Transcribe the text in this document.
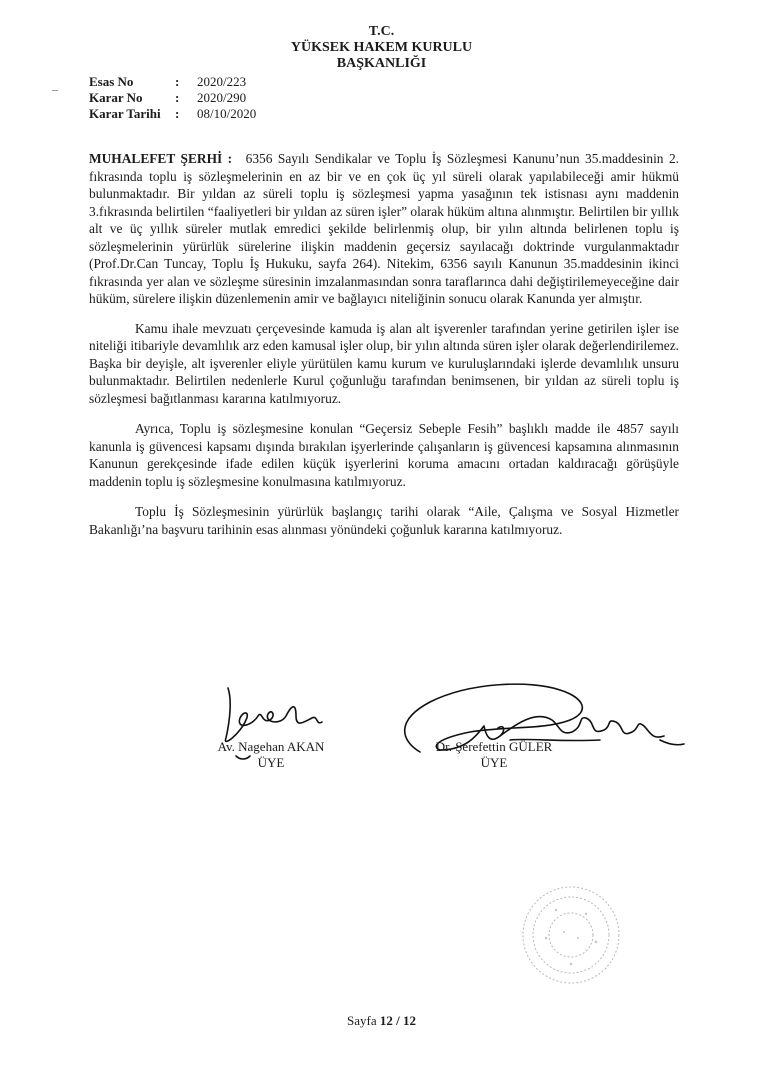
T.C.
YÜKSEK HAKEM KURULU
BAŞKANLIĞI
Esas No	:	2020/223
Karar No	:	2020/290
Karar Tarihi	:	08/10/2020

MUHALEFET ŞERHİ : 6356 Sayılı Sendikalar ve Toplu İş Sözleşmesi Kanunu’nun 35.maddesinin 2. fıkrasında toplu iş sözleşmelerinin en az bir ve en çok üç yıl süreli olarak yapılabileceği amir hükmü bulunmaktadır. Bir yıldan az süreli toplu iş sözleşmesi yapma yasağının tek istisnası aynı maddenin 3.fıkrasında belirtilen “faaliyetleri bir yıldan az süren işler” olarak hüküm altına alınmıştır. Belirtilen bir yıllık alt ve üç yıllık süreler mutlak emredici şekilde belirlenmiş olup, bir yılın altında belirlenen toplu iş sözleşmelerinin yürürlük sürelerine ilişkin maddenin geçersiz sayılacağı doktrinde vurgulanmaktadır (Prof.Dr.Can Tuncay, Toplu İş Hukuku, sayfa 264). Nitekim, 6356 sayılı Kanunun 35.maddesinin ikinci fıkrasında yer alan ve sözleşme süresinin imzalanmasından sonra taraflarınca dahi değiştirilemeyeceğine dair hüküm, sürelere ilişkin düzenlemenin amir ve bağlayıcı niteliğinin sonucu olarak Kanunda yer almıştır.

Kamu ihale mevzuatı çerçevesinde kamuda iş alan alt işverenler tarafından yerine getirilen işler ise niteliği itibariyle devamlılık arz eden kamusal işler olup, bir yılın altında süren işler olarak değerlendirilemez. Başka bir deyişle, alt işverenler eliyle yürütülen kamu kurum ve kuruluşlarındaki işlerde devamlılık unsuru bulunmaktadır. Belirtilen nedenlerle Kurul çoğunluğu tarafından benimsenen, bir yıldan az süreli toplu iş sözleşmesi bağıtlanması kararına katılmıyoruz.

Ayrıca, Toplu iş sözleşmesine konulan “Geçersiz Sebeple Fesih” başlıklı madde ile 4857 sayılı kanunla iş güvencesi kapsamı dışında bırakılan işyerlerinde çalışanların iş güvencesi kapsamına alınmasının Kanunun gerekçesinde ifade edilen küçük işyerlerini koruma amacını ortadan kaldıracağı görüşüyle maddenin toplu iş sözleşmesine konulmasına katılmıyoruz.

Toplu İş Sözleşmesinin yürürlük başlangıç tarihi olarak “Aile, Çalışma ve Sosyal Hizmetler Bakanlığı’na başvuru tarihinin esas alınması yönündeki çoğunluk kararına katılmıyoruz.

Av. Nagehan AKAN
ÜYE
Dr. Şerefettin GÜLER
ÜYE
Sayfa 12 / 12
